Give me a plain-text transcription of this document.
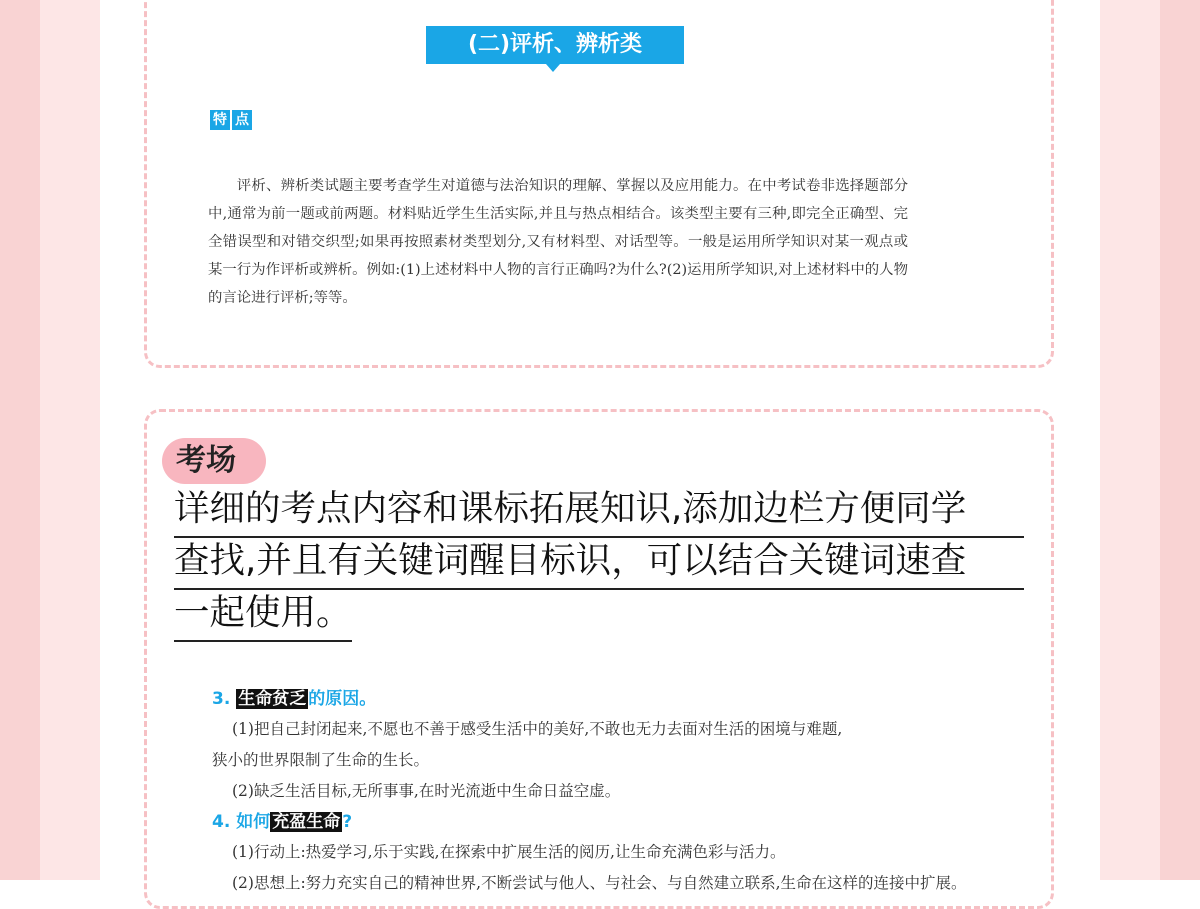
(二)评析、辨析类
特 点

评析、辨析类试题主要考查学生对道德与法治知识的理解、掌握以及应用能力。在中考试卷非选择题部分中,通常为前一题或前两题。材料贴近学生生活实际,并且与热点相结合。该类型主要有三种,即完全正确型、完全错误型和对错交织型;如果再按照素材类型划分,又有材料型、对话型等。一般是运用所学知识对某一观点或某一行为作评析或辨析。例如:(1)上述材料中人物的言行正确吗?为什么?(2)运用所学知识,对上述材料中的人物的言论进行评析;等等。

考场
详细的考点内容和课标拓展知识,添加边栏方便同学
查找,并且有关键词醒目标识，可以结合关键词速查
一起使用。
3. 生命贫乏 的原因。
(1)把自己封闭起来,不愿也不善于感受生活中的美好,不敢也无力去面对生活的困境与难题,
狭小的世界限制了生命的生长。
(2)缺乏生活目标,无所事事,在时光流逝中生命日益空虚。
4. 如何 充盈生命 ?
(1)行动上:热爱学习,乐于实践,在探索中扩展生活的阅历,让生命充满色彩与活力。
(2)思想上:努力充实自己的精神世界,不断尝试与他人、与社会、与自然建立联系,生命在这样的连接中扩展。
